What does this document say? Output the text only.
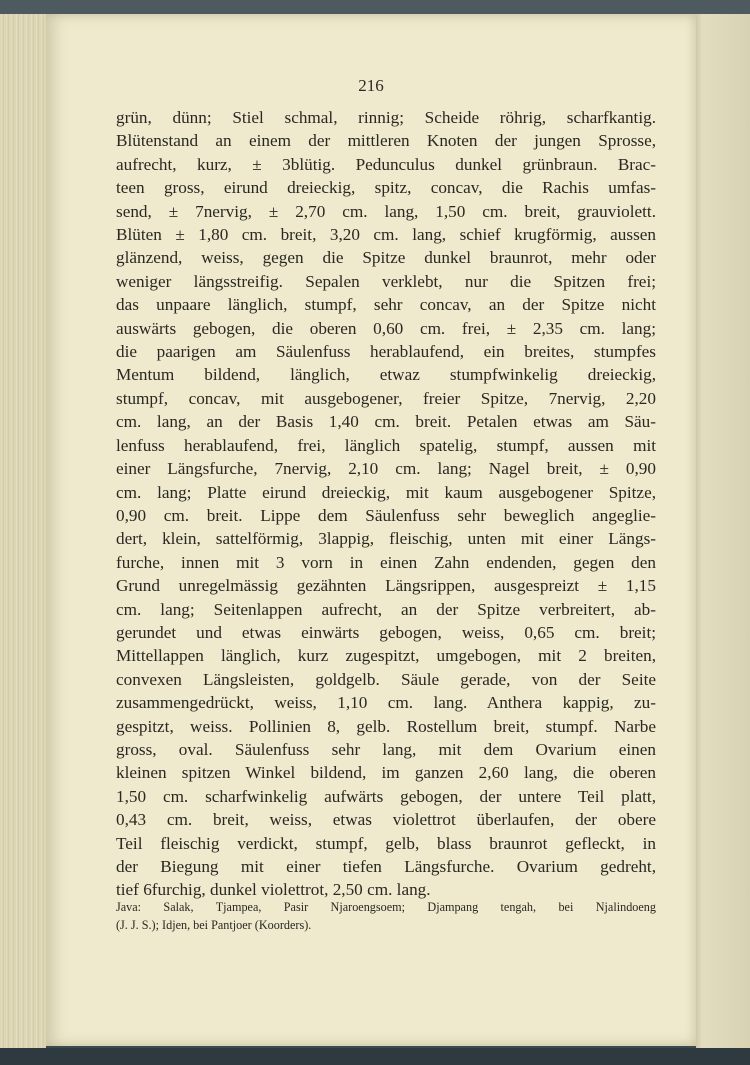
216
grün, dünn; Stiel schmal, rinnig; Scheide röhrig, scharfkantig.
Blütenstand an einem der mittleren Knoten der jungen Sprosse,
aufrecht, kurz, ± 3blütig. Pedunculus dunkel grünbraun. Brac-
teen gross, eirund dreieckig, spitz, concav, die Rachis umfas-
send, ± 7nervig, ± 2,70 cm. lang, 1,50 cm. breit, grauviolett.
Blüten ± 1,80 cm. breit, 3,20 cm. lang, schief krugförmig, aussen
glänzend, weiss, gegen die Spitze dunkel braunrot, mehr oder
weniger längsstreifig. Sepalen verklebt, nur die Spitzen frei;
das unpaare länglich, stumpf, sehr concav, an der Spitze nicht
auswärts gebogen, die oberen 0,60 cm. frei, ± 2,35 cm. lang;
die paarigen am Säulenfuss herablaufend, ein breites, stumpfes
Mentum bildend, länglich, etwaz stumpfwinkelig dreieckig,
stumpf, concav, mit ausgebogener, freier Spitze, 7nervig, 2,20
cm. lang, an der Basis 1,40 cm. breit. Petalen etwas am Säu-
lenfuss herablaufend, frei, länglich spatelig, stumpf, aussen mit
einer Längsfurche, 7nervig, 2,10 cm. lang; Nagel breit, ± 0,90
cm. lang; Platte eirund dreieckig, mit kaum ausgebogener Spitze,
0,90 cm. breit. Lippe dem Säulenfuss sehr beweglich angeglie-
dert, klein, sattelförmig, 3lappig, fleischig, unten mit einer Längs-
furche, innen mit 3 vorn in einen Zahn endenden, gegen den
Grund unregelmässig gezähnten Längsrippen, ausgespreizt ± 1,15
cm. lang; Seitenlappen aufrecht, an der Spitze verbreitert, ab-
gerundet und etwas einwärts gebogen, weiss, 0,65 cm. breit;
Mittellappen länglich, kurz zugespitzt, umgebogen, mit 2 breiten,
convexen Längsleisten, goldgelb. Säule gerade, von der Seite
zusammengedrückt, weiss, 1,10 cm. lang. Anthera kappig, zu-
gespitzt, weiss. Pollinien 8, gelb. Rostellum breit, stumpf. Narbe
gross, oval. Säulenfuss sehr lang, mit dem Ovarium einen
kleinen spitzen Winkel bildend, im ganzen 2,60 lang, die oberen
1,50 cm. scharfwinkelig aufwärts gebogen, der untere Teil platt,
0,43 cm. breit, weiss, etwas violettrot überlaufen, der obere
Teil fleischig verdickt, stumpf, gelb, blass braunrot gefleckt, in
der Biegung mit einer tiefen Längsfurche. Ovarium gedreht,
tief 6furchig, dunkel violettrot, 2,50 cm. lang.
Java: Salak, Tjampea, Pasir Njaroengsoem; Djampang tengah, bei Njalindoeng
(J. J. S.); Idjen, bei Pantjoer (Koorders).
